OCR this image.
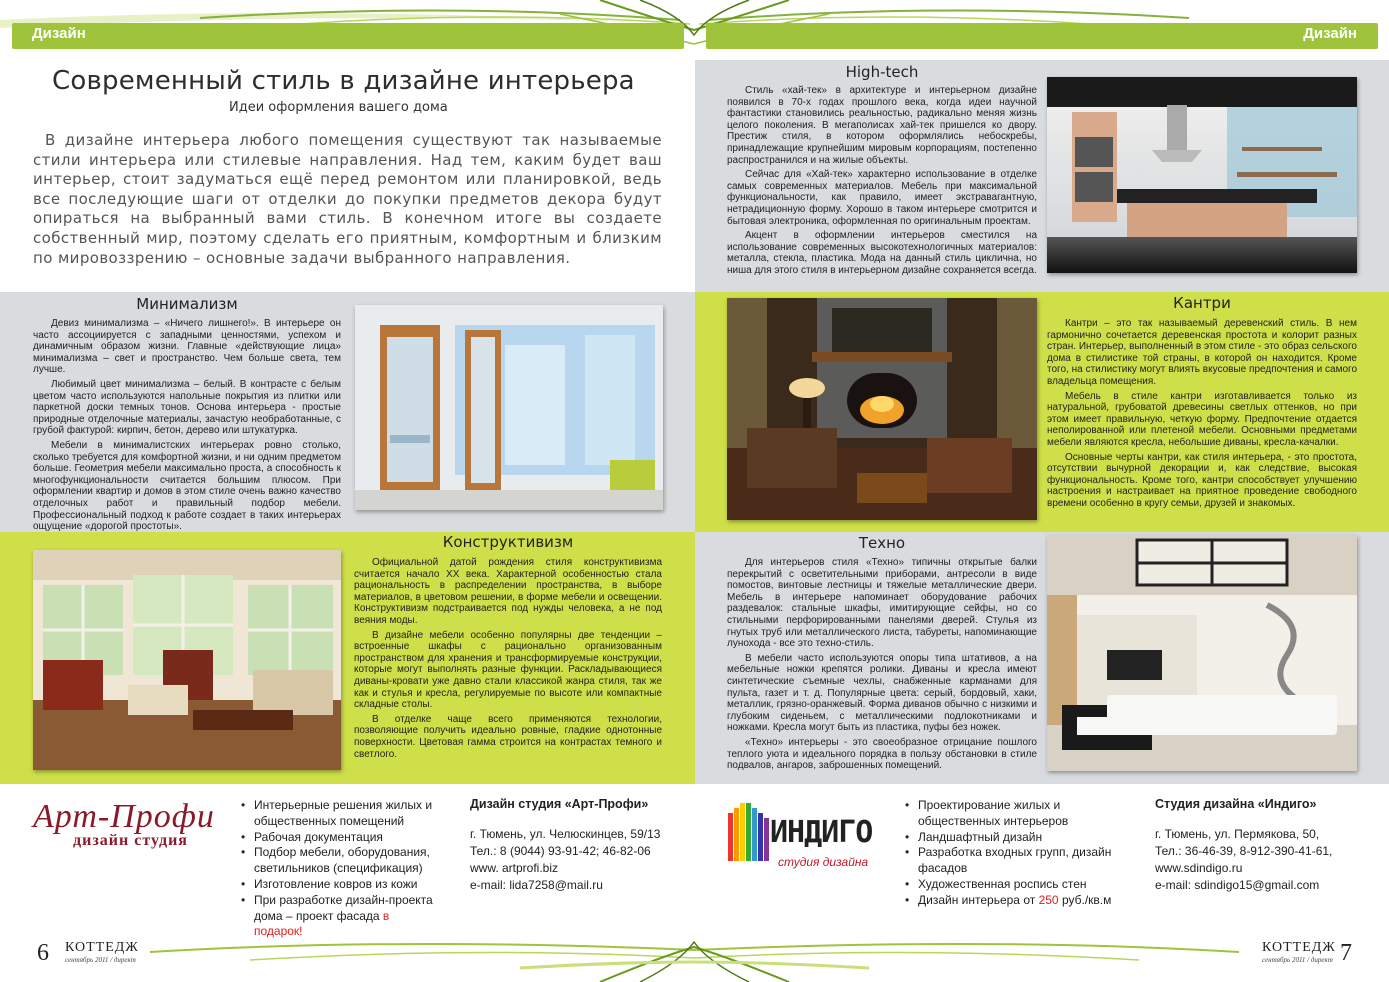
Дизайн	Дизайн
Современный стиль в дизайне интерьера
Идеи оформления вашего дома
В дизайне интерьера любого помещения существуют так называемые стили интерьера или стилевые направления. Над тем, каким будет ваш интерьер, стоит задуматься ещё перед ремонтом или планировкой, ведь все последующие шаги от отделки до покупки предметов декора будут опираться на выбранный вами стиль. В конечном итоге вы создаете собственный мир, поэтому сделать его приятным, комфортным и близким по мировоззрению – основные задачи выбранного направления.
High-tech

Стиль «хай-тек» в архитектуре и интерьерном дизайне появился в 70-х годах прошлого века, когда идеи научной фантастики становились реальностью, радикально меняя жизнь целого поколения. В мегаполисах хай-тек пришелся ко двору. Престиж стиля, в котором оформлялись небоскребы, принадлежащие крупнейшим мировым корпорациям, постепенно распространился и на жилые объекты.

Сейчас для «Хай-тек» характерно использование в отделке самых современных материалов. Мебель при максимальной функциональности, как правило, имеет экстравагантную, нетрадиционную форму. Хорошо в таком интерьере смотрится и бытовая электроника, оформленная по оригинальным проектам.

Акцент в оформлении интерьеров сместился на использование современных высокотехнологичных материалов: металла, стекла, пластика. Мода на данный стиль циклична, но ниша для этого стиля в интерьерном дизайне сохраняется всегда.

Минимализм

Девиз минимализма – «Ничего лишнего!». В интерьере он часто ассоциируется с западными ценностями, успехом и динамичным образом жизни. Главные «действующие лица» минимализма – свет и пространство. Чем больше света, тем лучше.

Любимый цвет минимализма – белый. В контрасте с белым цветом часто используются напольные покрытия из плитки или паркетной доски темных тонов. Основа интерьера - простые природные отделочные материалы, зачастую необработанные, с грубой фактурой: кирпич, бетон, дерево или штукатурка.

Мебели в минималистских интерьерах ровно столько, сколько требуется для комфортной жизни, и ни одним предметом больше. Геометрия мебели максимально проста, а способность к многофункциональности считается большим плюсом. При оформлении квартир и домов в этом стиле очень важно качество отделочных работ и правильный подбор мебели. Профессиональный подход к работе создает в таких интерьерах ощущение «дорогой простоты».

Кантри

Кантри – это так называемый деревенский стиль. В нем гармонично сочетается деревенская простота и колорит разных стран. Интерьер, выполненный в этом стиле - это образ сельского дома в стилистике той страны, в которой он находится. Кроме того, на стилистику могут влиять вкусовые предпочтения и самого владельца помещения.

Мебель в стиле кантри изготавливается только из натуральной, грубоватой древесины светлых оттенков, но при этом имеет правильную, четкую форму. Предпочтение отдается неполированной или плетеной мебели. Основными предметами мебели являются кресла, небольшие диваны, кресла-качалки.

Основные черты кантри, как стиля интерьера, - это простота, отсутствии вычурной декорации и, как следствие, высокая функциональность. Кроме того, кантри способствует улучшению настроения и настраивает на приятное проведение свободного времени особенно в кругу семьи, друзей и знакомых.

Конструктивизм

Официальной датой рождения стиля конструктивизма считается начало XX века. Характерной особенностью стала рациональность в распределении пространства, в выборе материалов, в цветовом решении, в форме мебели и освещении. Конструктивизм подстраивается под нужды человека, а не под веяния моды.

В дизайне мебели особенно популярны две тенденции – встроенные шкафы с рационально организованным пространством для хранения и трансформируемые конструкции, которые могут выполнять разные функции. Раскладывающиеся диваны-кровати уже давно стали классикой жанра стиля, так же как и стулья и кресла, регулируемые по высоте или компактные складные столы.

В отделке чаще всего применяются технологии, позволяющие получить идеально ровные, гладкие однотонные поверхности. Цветовая гамма строится на контрастах темного и светлого.

Техно

Для интерьеров стиля «Техно» типичны открытые балки перекрытий с осветительными приборами, антресоли в виде помостов, винтовые лестницы и тяжелые металлические двери. Мебель в интерьере напоминает оборудование рабочих раздевалок: стальные шкафы, имитирующие сейфы, но со стильными перфорированными панелями дверей. Стулья из гнутых труб или металлического листа, табуреты, напоминающие лунохода - все это техно-стиль.

В мебели часто используются опоры типа штативов, а на мебельные ножки крепятся ролики. Диваны и кресла имеют синтетические съемные чехлы, снабженные карманами для пульта, газет и т. д. Популярные цвета: серый, бордовый, хаки, металлик, грязно-оранжевый. Форма диванов обычно с низкими и глубоким сиденьем, с металлическими подлокотниками и ножками. Кресла могут быть из пластика, пуфы без ножек.

«Техно» интерьеры - это своеобразное отрицание пошлого теплого уюта и идеального порядка в пользу обстановки в стиле подвалов, ангаров, заброшенных помещений.

Арт-Профи
дизайн студия
• Интерьерные решения жилых и общественных помещений
• Рабочая документация
• Подбор мебели, оборудования, светильников (спецификация)
• Изготовление ковров из кожи
• При разработке дизайн-проекта дома – проект фасада в подарок!
Дизайн студия «Арт-Профи»
г. Тюмень, ул. Челюскинцев, 59/13
Тел.: 8 (9044) 93-91-42; 46-82-06
www. artprofi.biz
e-mail: lida7258@mail.ru
ИНДИГО
студия дизайна
• Проектирование жилых и общественных интерьеров
• Ландшафтный дизайн
• Разработка входных групп, дизайн фасадов
• Художественная роспись стен
• Дизайн интерьера от 250 руб./кв.м
Студия дизайна «Индиго»
г. Тюмень, ул. Пермякова, 50,
Тел.: 36-46-39, 8-912-390-41-61,
www.sdindigo.ru
e-mail: sdindigo15@gmail.com
6 КОТТЕДЖ
сентябрь 2011 / директ
КОТТЕДЖ
сентябрь 2011 / директ 7
